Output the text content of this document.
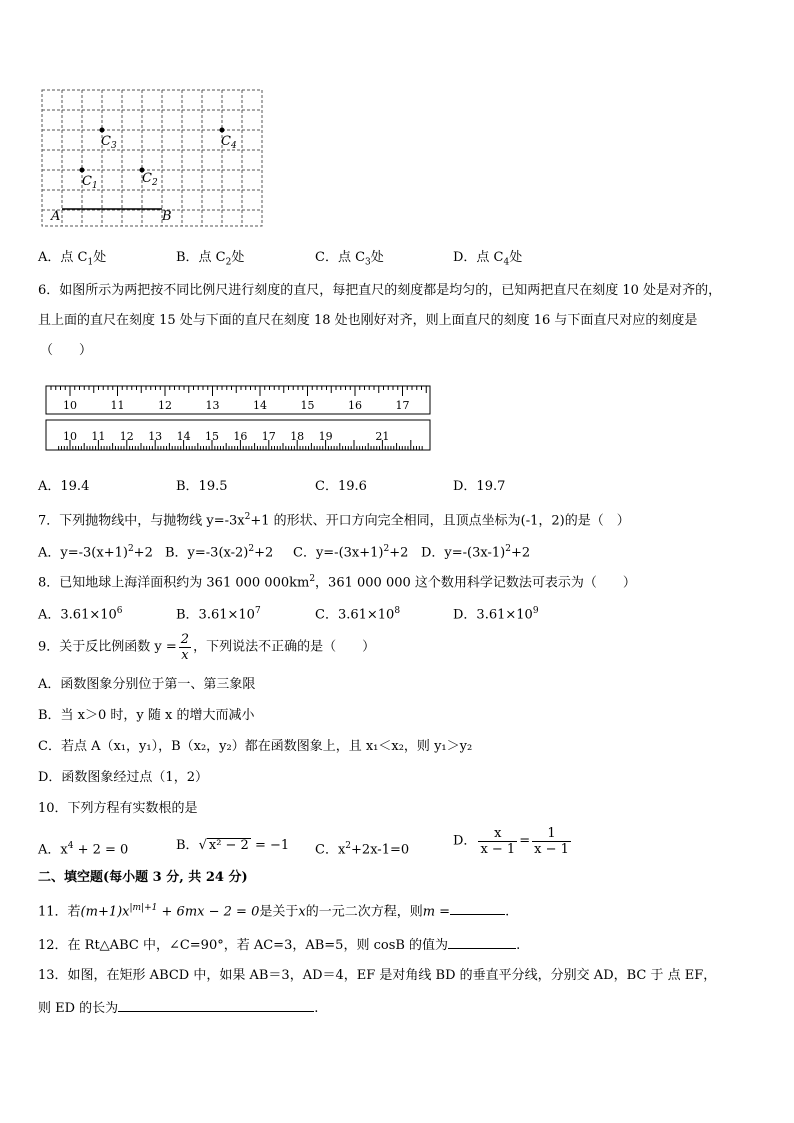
$C_3$	$C_4$
$C_1$	$C_2$
A	B
A．点 $C_1$处	B．点 $C_2$处	C．点 $C_3$处	D．点 $C_4$处
6．如图所示为两把按不同比例尺进行刻度的直尺，每把直尺的刻度都是均匀的，已知两把直尺在刻度 10 处是对齐的，
且上面的直尺在刻度 15 处与下面的直尺在刻度 18 处也刚好对齐，则上面直尺的刻度 16 与下面直尺对应的刻度是
（　　）
10	11	12	13	14	15	16	17
10 11 12 13 14 15 16 17 18 19	21
A．19.4	B．19.5	C．19.6	D．19.7
7．下列抛物线中，与抛物线 $y=-3x^2+1$ 的形状、开口方向完全相同，且顶点坐标为(-1，2)的是（　）
A．$y=-3(x+1)^2+2$ B．$y=-3(x-2)^2+2$ C．$y=-(3x+1)^2+2$ D．$y=-(3x-1)^2+2$
8．已知地球上海洋面积约为 361 000 $000km^2$，361 000 000 这个数用科学记数法可表示为（　　）
A．$3.61\times 10^6$	B．$3.61\times 10^7$	C．$3.61\times 10^8$	D．$3.61\times 10^9$
9．关于反比例函数 $y = \frac{2}{x}$ ，下列说法不正确的是（　　）
A．函数图象分别位于第一、第三象限
B．当 x＞0 时，y 随 x 的增大而减小
C．若点 A（x₁，y₁），B（x₂，y₂）都在函数图象上，且 x₁＜x₂，则 y₁＞y₂
D．函数图象经过点（1，2）
10．下列方程有实数根的是
A．$x^4 + 2 = 0$	B．√ x² − 2 = −1 C．$x^2+2x-1=0$
D． $\frac{x}{x - 1} = \frac{1}{x - 1}$
二、填空题(每小题 3 分, 共 24 分)
11．若$(m+1)x^{|m|+1} + 6mx - 2 = 0$是关于x的一元二次方程，则m =	.
12．在 Rt△ABC 中，∠C=90°，若 AC=3，AB=5，则 cosB 的值为	.
13．如图，在矩形 ABCD 中，如果 AB＝3，AD＝4，EF 是对角线 BD 的垂直平分线，分别交 AD，BC 于 点 EF，
则 ED 的长为	.
